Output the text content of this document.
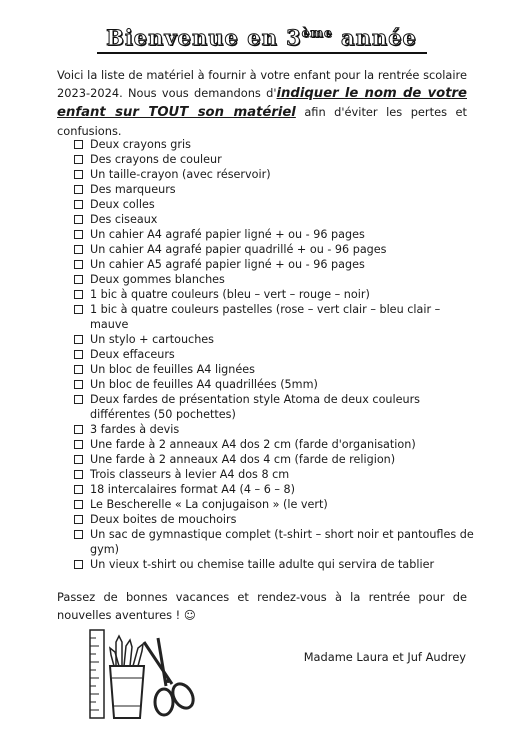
Bienvenue en 3ème année
Voici la liste de matériel à fournir à votre enfant pour la rentrée scolaire 2023-2024. Nous vous demandons d'indiquer le nom de votre enfant sur TOUT son matériel afin d'éviter les pertes et confusions.
Deux crayons gris
Des crayons de couleur
Un taille-crayon (avec réservoir)
Des marqueurs
Deux colles
Des ciseaux
Un cahier A4 agrafé papier ligné + ou - 96 pages
Un cahier A4 agrafé papier quadrillé + ou - 96 pages
Un cahier A5 agrafé papier ligné + ou - 96 pages
Deux gommes blanches
1 bic à quatre couleurs (bleu – vert – rouge – noir)
1 bic à quatre couleurs pastelles (rose – vert clair – bleu clair – mauve
Un stylo + cartouches
Deux effaceurs
Un bloc de feuilles A4 lignées
Un bloc de feuilles A4 quadrillées (5mm)
Deux fardes de présentation style Atoma de deux couleurs différentes (50 pochettes)
3 fardes à devis
Une farde à 2 anneaux A4 dos 2 cm (farde d'organisation)
Une farde à 2 anneaux A4 dos 4 cm (farde de religion)
Trois classeurs à levier A4 dos 8 cm
18 intercalaires format A4 (4 – 6 – 8)
Le Bescherelle « La conjugaison » (le vert)
Deux boites de mouchoirs
Un sac de gymnastique complet (t-shirt – short noir et pantoufles de gym)
Un vieux t-shirt ou chemise taille adulte qui servira de tablier
Passez de bonnes vacances et rendez-vous à la rentrée pour de nouvelles aventures ! ☺
Madame Laura et Juf Audrey
